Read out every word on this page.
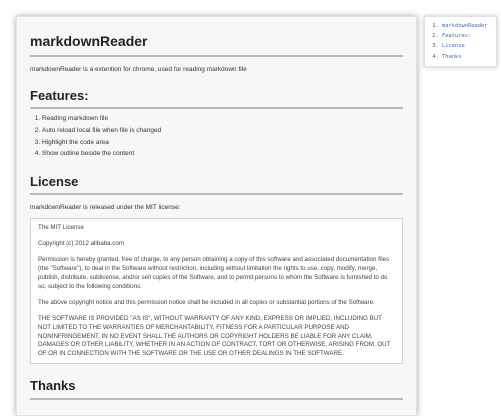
markdownReader

markdownReader is a extention for chrome, used for reading markdown file

Features:
1. Reading markdown file
2. Auto reload local file when file is changed
3. Highlight the code area
4. Show outline beside the content
License

markdownReader is released under the MIT license:

The MIT License

Copyright (c) 2012 alibaba.com

Permission is hereby granted, free of charge, to any person obtaining a copy of this software and associated documentation files (the "Software"), to deal in the Software without restriction, including without limitation the rights to use, copy, modify, merge, publish, distribute, sublicense, and/or sell copies of the Software, and to permit persons to whom the Software is furnished to do so, subject to the following conditions:

The above copyright notice and this permission notice shall be included in all copies or substantial portions of the Software.

THE SOFTWARE IS PROVIDED "AS IS", WITHOUT WARRANTY OF ANY KIND, EXPRESS OR IMPLIED, INCLUDING BUT NOT LIMITED TO THE WARRANTIES OF MERCHANTABILITY, FITNESS FOR A PARTICULAR PURPOSE AND NONINFRINGEMENT. IN NO EVENT SHALL THE AUTHORS OR COPYRIGHT HOLDERS BE LIABLE FOR ANY CLAIM, DAMAGES OR OTHER LIABILITY, WHETHER IN AN ACTION OF CONTRACT, TORT OR OTHERWISE, ARISING FROM, OUT OF OR IN CONNECTION WITH THE SOFTWARE OR THE USE OR OTHER DEALINGS IN THE SOFTWARE.

Thanks
1. markdownReader
2. Features:
3. License
4. Thanks
